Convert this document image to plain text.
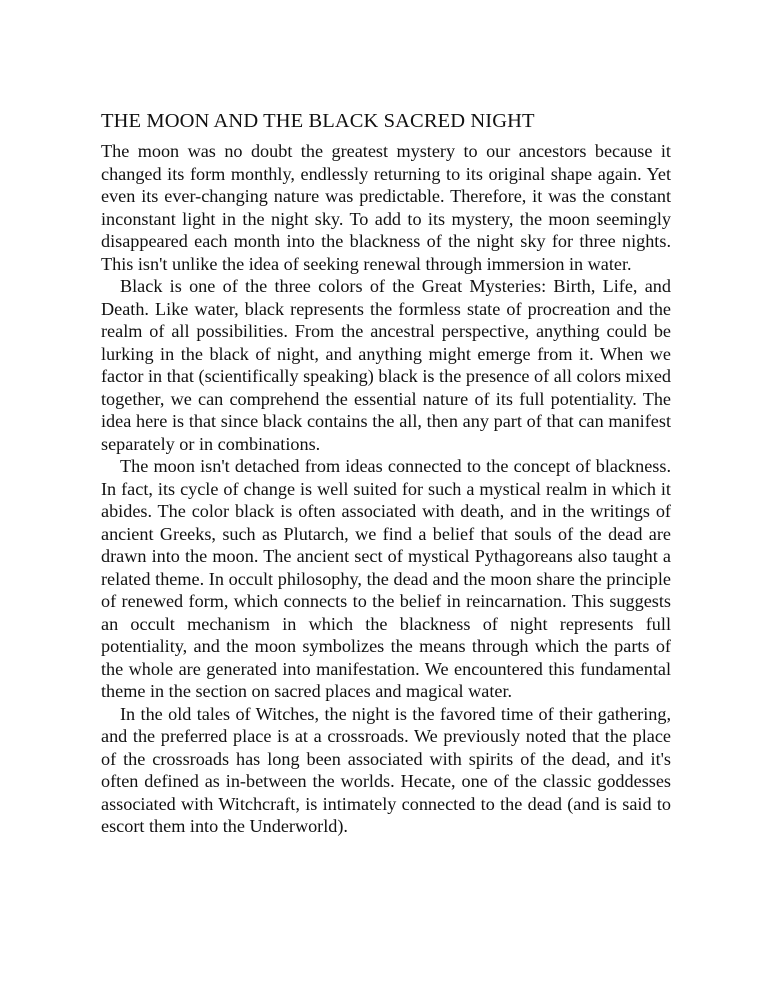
THE MOON AND THE BLACK SACRED NIGHT

The moon was no doubt the greatest mystery to our ancestors because it changed its form monthly, endlessly returning to its original shape again. Yet even its ever-changing nature was predictable. Therefore, it was the constant inconstant light in the night sky. To add to its mystery, the moon seemingly disappeared each month into the blackness of the night sky for three nights. This isn't unlike the idea of seeking renewal through immersion in water.

Black is one of the three colors of the Great Mysteries: Birth, Life, and Death. Like water, black represents the formless state of procreation and the realm of all possibilities. From the ancestral perspective, anything could be lurking in the black of night, and anything might emerge from it. When we factor in that (scientifically speaking) black is the presence of all colors mixed together, we can comprehend the essential nature of its full potentiality. The idea here is that since black contains the all, then any part of that can manifest separately or in combinations.

The moon isn't detached from ideas connected to the concept of blackness. In fact, its cycle of change is well suited for such a mystical realm in which it abides. The color black is often associated with death, and in the writings of ancient Greeks, such as Plutarch, we find a belief that souls of the dead are drawn into the moon. The ancient sect of mystical Pythagoreans also taught a related theme. In occult philosophy, the dead and the moon share the principle of renewed form, which connects to the belief in reincarnation. This suggests an occult mechanism in which the blackness of night represents full potentiality, and the moon symbolizes the means through which the parts of the whole are generated into manifestation. We encountered this fundamental theme in the section on sacred places and magical water.

In the old tales of Witches, the night is the favored time of their gathering, and the preferred place is at a crossroads. We previously noted that the place of the crossroads has long been associated with spirits of the dead, and it's often defined as in-between the worlds. Hecate, one of the classic goddesses associated with Witchcraft, is intimately connected to the dead (and is said to escort them into the Underworld).
